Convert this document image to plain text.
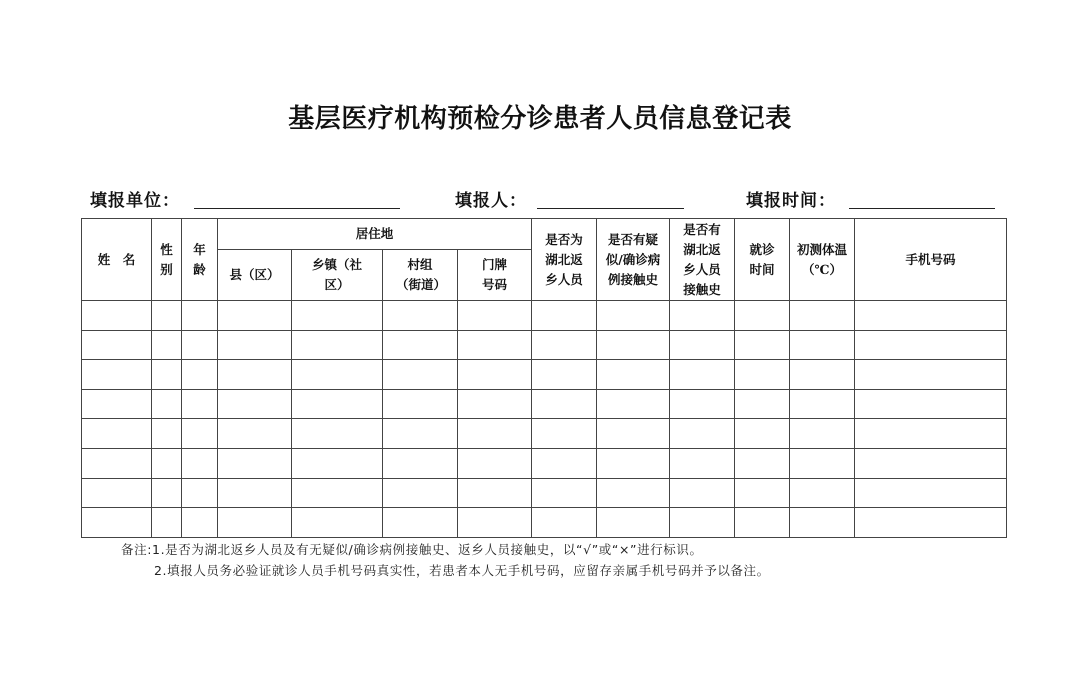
基层医疗机构预检分诊患者人员信息登记表
填报单位：	填报人：	填报时间：
姓　名	性别	年龄	居住地				是否为湖北返乡人员	是否有疑似/确诊病例接触史	是否有湖北返乡人员接触史	就诊时间	初测体温（℃）	手机号码
			县（区）	乡镇（社区）	村组（街道）	门牌号码						

备注:1.是否为湖北返乡人员及有无疑似/确诊病例接触史、返乡人员接触史，以“√”或“×”进行标识。
2.填报人员务必验证就诊人员手机号码真实性，若患者本人无手机号码，应留存亲属手机号码并予以备注。
